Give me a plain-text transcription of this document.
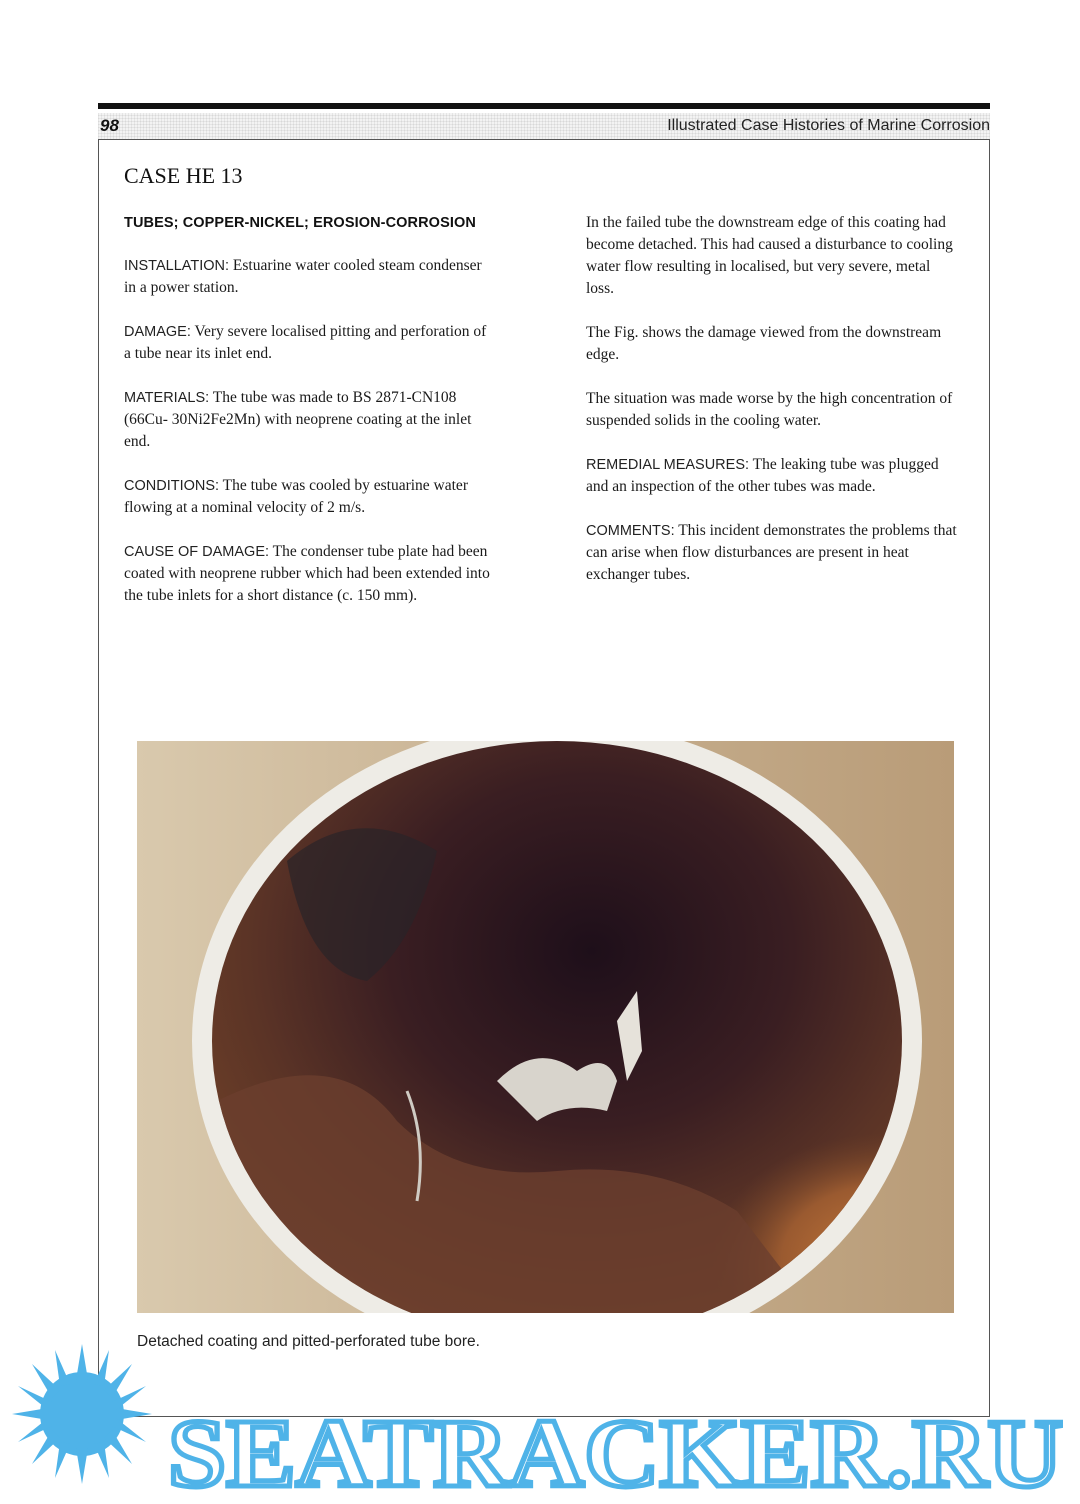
98	Illustrated Case Histories of Marine Corrosion
CASE HE 13

TUBES; COPPER-NICKEL; EROSION-CORROSION

INSTALLATION: Estuarine water cooled steam condenser in a power station.

DAMAGE: Very severe localised pitting and perforation of a tube near its inlet end.

MATERIALS: The tube was made to BS 2871-CN108 (66Cu- 30Ni2Fe2Mn) with neoprene coating at the inlet end.

CONDITIONS: The tube was cooled by estuarine water flowing at a nominal velocity of 2 m/s.

CAUSE OF DAMAGE: The condenser tube plate had been coated with neoprene rubber which had been extended into the tube inlets for a short distance (c. 150 mm).

In the failed tube the downstream edge of this coating had become detached. This had caused a disturbance to cooling water flow resulting in localised, but very severe, metal loss.

The Fig. shows the damage viewed from the downstream edge.

The situation was made worse by the high concentration of suspended solids in the cooling water.

REMEDIAL MEASURES: The leaking tube was plugged and an inspection of the other tubes was made.

COMMENTS: This incident demonstrates the problems that can arise when flow disturbances are present in heat exchanger tubes.

Detached coating and pitted-perforated tube bore.
SEATRACKER.RU
